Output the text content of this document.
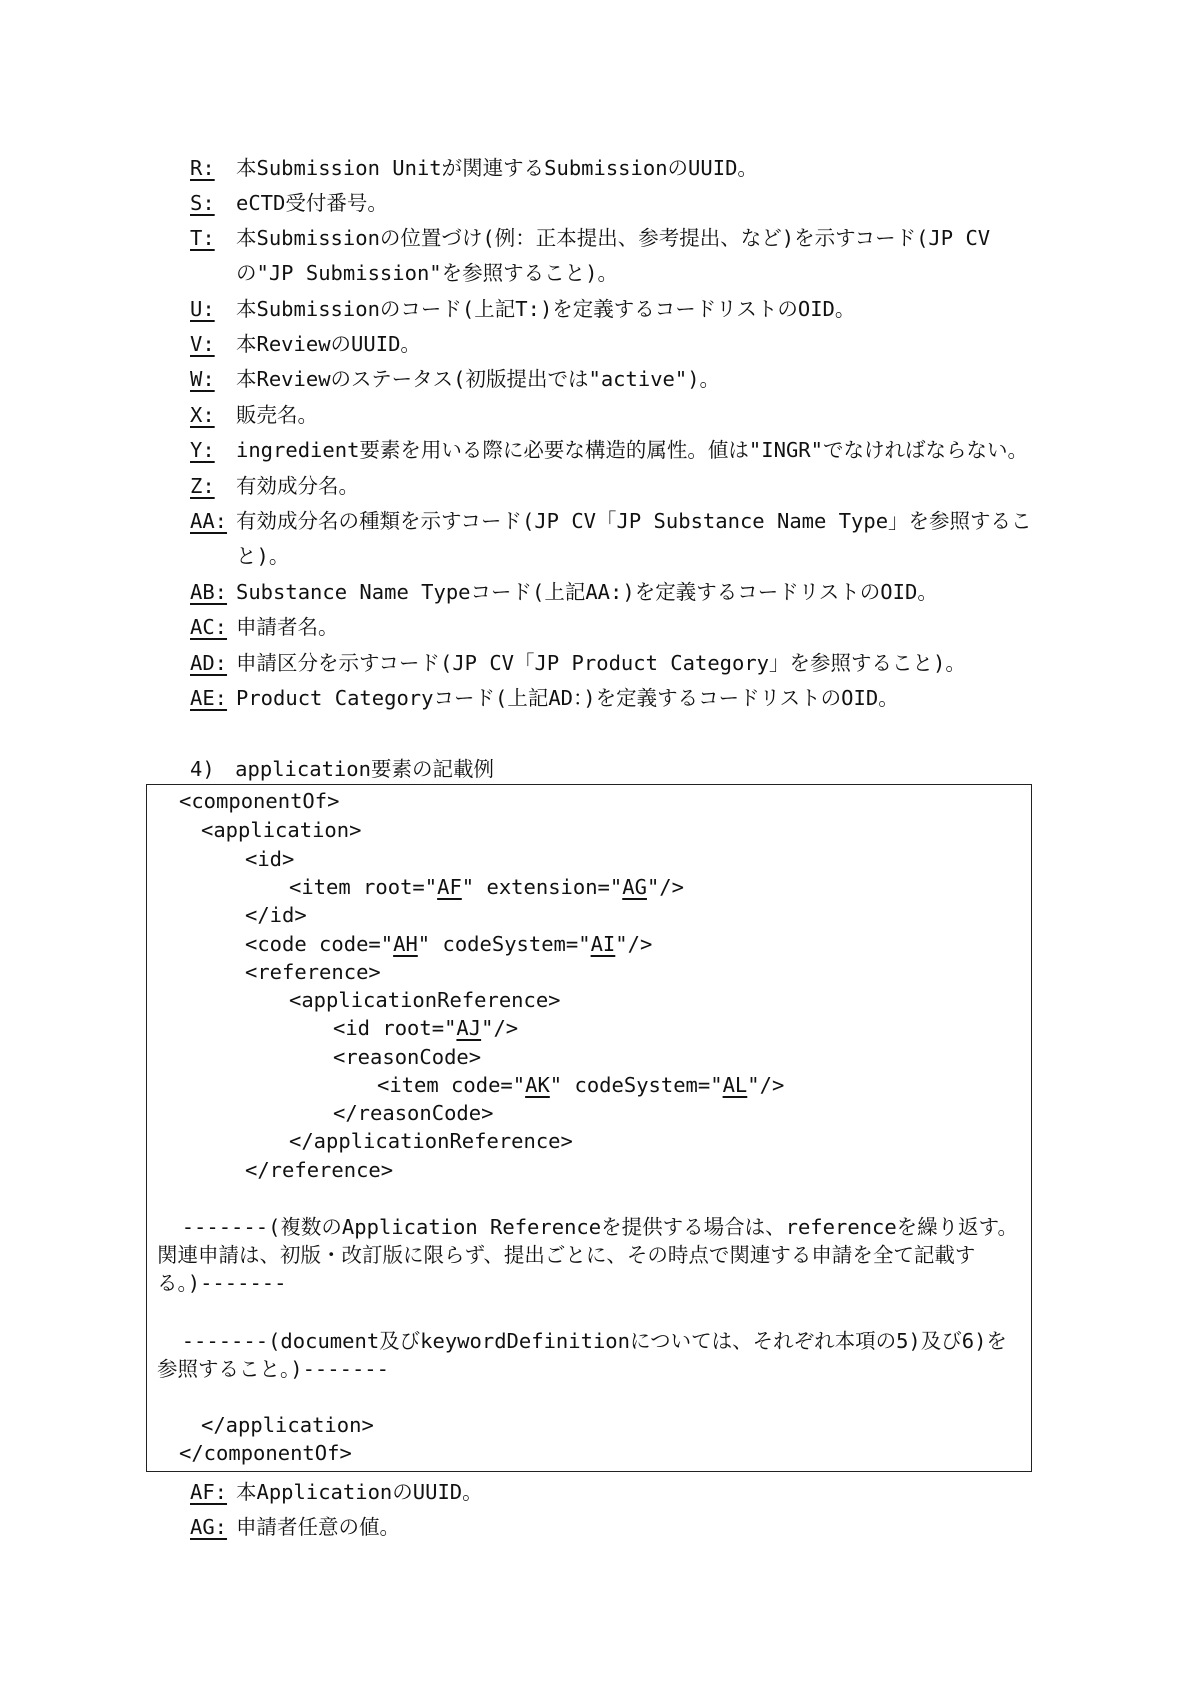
R: 本Submission Unitが関連するSubmissionのUUID。
S: eCTD受付番号。
T: 本Submissionの位置づけ(例：正本提出、参考提出、など)を示すコード(JP CVの"JP Submission"を参照すること)。
U: 本Submissionのコード(上記T:)を定義するコードリストのOID。
V: 本ReviewのUUID。
W: 本Reviewのステータス(初版提出では"active")。
X: 販売名。
Y: ingredient要素を用いる際に必要な構造的属性。値は"INGR"でなければならない。
Z: 有効成分名。
AA: 有効成分名の種類を示すコード(JP CV「JP Substance Name Type」を参照すること)。
AB: Substance Name Typeコード(上記AA:)を定義するコードリストのOID。
AC: 申請者名。
AD: 申請区分を示すコード(JP CV「JP Product Category」を参照すること)。
AE: Product Categoryコード(上記AD：)を定義するコードリストのOID。
4)　application要素の記載例
<componentOf>
<application>
<id>
<item root="AF" extension="AG"/>
</id>
<code code="AH" codeSystem="AI"/>
<reference>
<applicationReference>
<id root="AJ"/>
<reasonCode>
<item code="AK" codeSystem="AL"/>
</reasonCode>
</applicationReference>
</reference>
-------(複数のApplication Referenceを提供する場合は、referenceを繰り返す。関連申請は、初版・改訂版に限らず、提出ごとに、その時点で関連する申請を全て記載する。)-------
-------(document及びkeywordDefinitionについては、それぞれ本項の5)及び6)を参照すること。)-------
</application>
</componentOf>
AF: 本ApplicationのUUID。
AG: 申請者任意の値。
